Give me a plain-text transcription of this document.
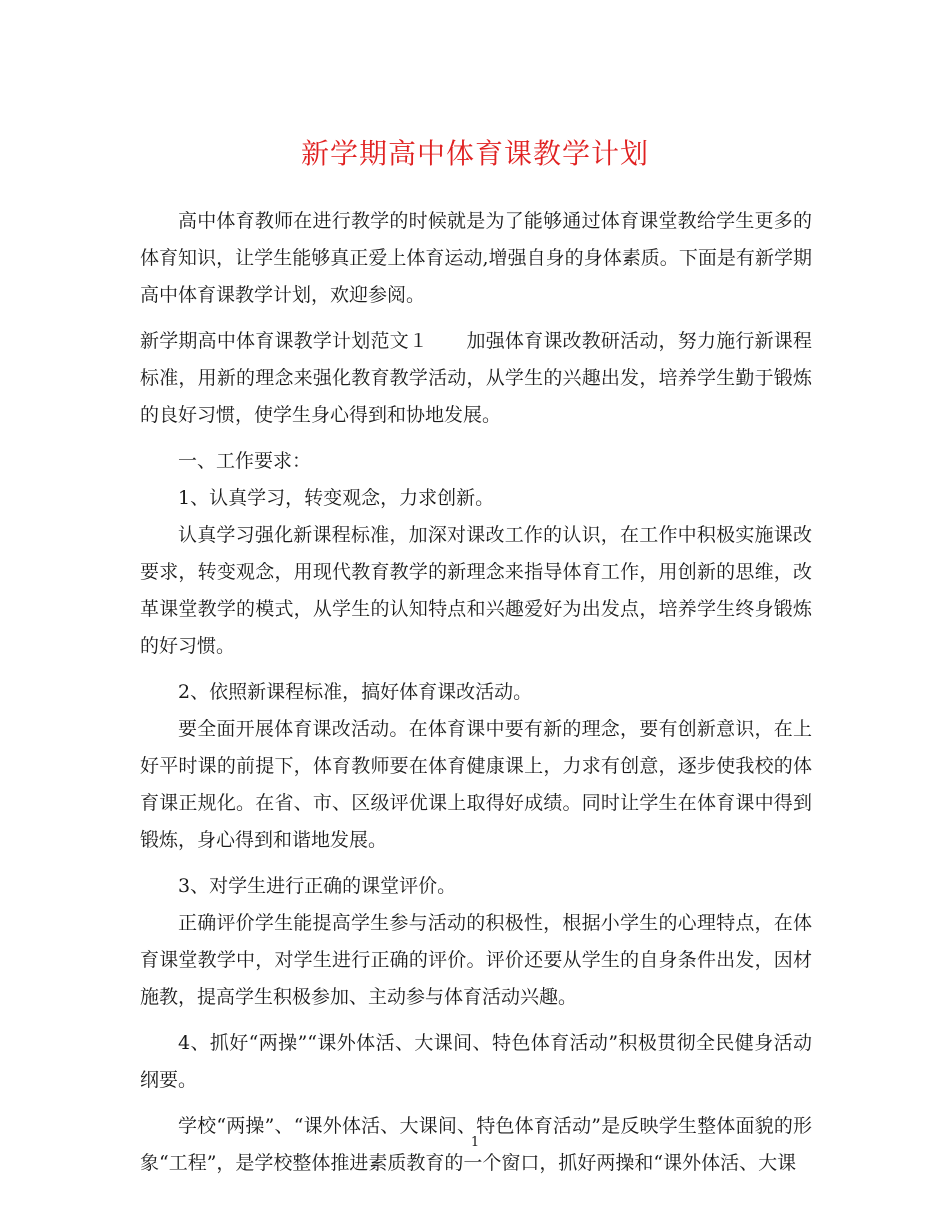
新学期高中体育课教学计划

高中体育教师在进行教学的时候就是为了能够通过体育课堂教给学生更多的体育知识，让学生能够真正爱上体育运动,增强自身的身体素质。下面是有新学期高中体育课教学计划，欢迎参阅。

新学期高中体育课教学计划范文１　　加强体育课改教研活动，努力施行新课程标准，用新的理念来强化教育教学活动，从学生的兴趣出发，培养学生勤于锻炼的良好习惯，使学生身心得到和协地发展。

一、工作要求：

1、认真学习，转变观念，力求创新。

认真学习强化新课程标准，加深对课改工作的认识，在工作中积极实施课改要求，转变观念，用现代教育教学的新理念来指导体育工作，用创新的思维，改革课堂教学的模式，从学生的认知特点和兴趣爱好为出发点，培养学生终身锻炼的好习惯。

2、依照新课程标准，搞好体育课改活动。

要全面开展体育课改活动。在体育课中要有新的理念，要有创新意识，在上好平时课的前提下，体育教师要在体育健康课上，力求有创意，逐步使我校的体育课正规化。在省、市、区级评优课上取得好成绩。同时让学生在体育课中得到锻炼，身心得到和谐地发展。

3、对学生进行正确的课堂评价。

正确评价学生能提高学生参与活动的积极性，根据小学生的心理特点，在体育课堂教学中，对学生进行正确的评价。评价还要从学生的自身条件出发，因材施教，提高学生积极参加、主动参与体育活动兴趣。

4、抓好“两操”“课外体活、大课间、特色体育活动”积极贯彻全民健身活动纲要。

学校“两操”、“课外体活、大课间、特色体育活动”是反映学生整体面貌的形象“工程”，是学校整体推进素质教育的一个窗口，抓好两操和“课外体活、大课

1
